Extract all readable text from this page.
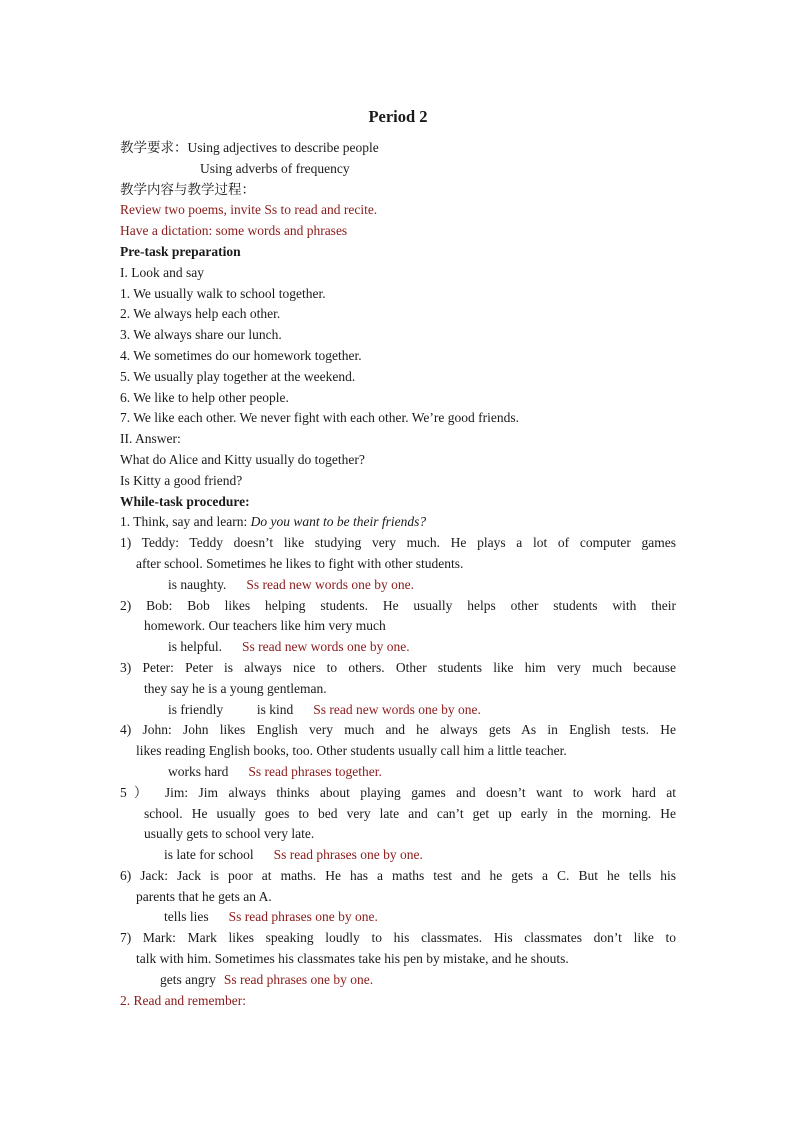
Period 2
教学要求：Using adjectives to describe people
Using adverbs of frequency
教学内容与教学过程：
Review two poems, invite Ss to read and recite.
Have a dictation: some words and phrases
Pre-task preparation
I. Look and say
1. We usually walk to school together.
2. We always help each other.
3. We always share our lunch.
4. We sometimes do our homework together.
5. We usually play together at the weekend.
6. We like to help other people.
7. We like each other. We never fight with each other. We’re good friends.
II. Answer:
What do Alice and Kitty usually do together?
Is Kitty a good friend?
While-task procedure:
1. Think, say and learn: Do you want to be their friends?
1) Teddy: Teddy doesn’t like studying very much. He plays a lot of computer games
after school. Sometimes he likes to fight with other students.
is naughty. Ss read new words one by one.
2) Bob: Bob likes helping students. He usually helps other students with their
homework. Our teachers like him very much
is helpful. Ss read new words one by one.
3) Peter: Peter is always nice to others. Other students like him very much because
they say he is a young gentleman.
is friendly          is kind Ss read new words one by one.
4) John: John likes English very much and he always gets As in English tests. He
likes reading English books, too. Other students usually call him a little teacher.
works hard Ss read phrases together.
5） Jim: Jim always thinks about playing games and doesn’t want to work hard at
school. He usually goes to bed very late and can’t get up early in the morning. He
usually gets to school very late.
is late for school Ss read phrases one by one.
6) Jack: Jack is poor at maths. He has a maths test and he gets a C. But he tells his
parents that he gets an A.
tells lies Ss read phrases one by one.
7) Mark: Mark likes speaking loudly to his classmates. His classmates don’t like to
talk with him. Sometimes his classmates take his pen by mistake, and he shouts.
gets angry Ss read phrases one by one.
2. Read and remember:
